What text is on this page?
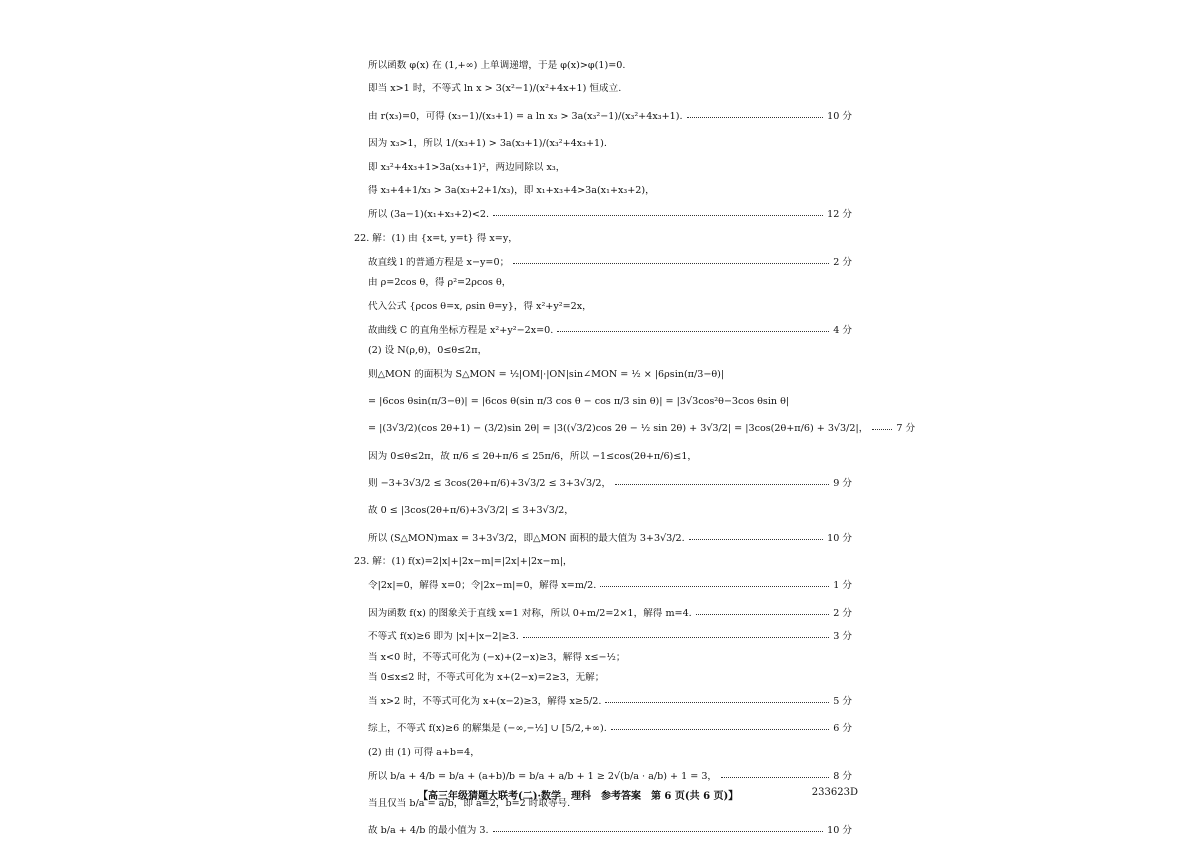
所以函数 φ(x) 在 (1,+∞) 上单调递增，于是 φ(x)>φ(1)=0.
即当 x>1 时，不等式 ln x > 3(x²−1)/(x²+4x+1) 恒成立.
由 r(x₃)=0，可得 (x₃−1)/(x₃+1) = a ln x₃ > 3a(x₃²−1)/(x₃²+4x₃+1).	10 分
因为 x₃>1，所以 1/(x₃+1) > 3a(x₃+1)/(x₃²+4x₃+1).
即 x₃²+4x₃+1>3a(x₃+1)²，两边同除以 x₃，
得 x₃+4+1/x₃ > 3a(x₃+2+1/x₃)，即 x₁+x₃+4>3a(x₁+x₃+2)，
所以 (3a−1)(x₁+x₃+2)<2.	12 分
22. 解：(1) 由 {x=t, y=t} 得 x=y，
故直线 l 的普通方程是 x−y=0；	2 分
由 ρ=2cos θ，得 ρ²=2ρcos θ，
代入公式 {ρcos θ=x, ρsin θ=y}，得 x²+y²=2x，
故曲线 C 的直角坐标方程是 x²+y²−2x=0.	4 分
(2) 设 N(ρ,θ)，0≤θ≤2π，
则△MON 的面积为 S△MON = ½|OM|·|ON|sin∠MON = ½ × |6ρsin(π/3−θ)|
= |6cos θsin(π/3−θ)| = |6cos θ(sin π/3 cos θ − cos π/3 sin θ)| = |3√3cos²θ−3cos θsin θ|
= |(3√3/2)(cos 2θ+1) − (3/2)sin 2θ| = |3((√3/2)cos 2θ − ½ sin 2θ) + 3√3/2| = |3cos(2θ+π/6) + 3√3/2|，	7 分
因为 0≤θ≤2π，故 π/6 ≤ 2θ+π/6 ≤ 25π/6，所以 −1≤cos(2θ+π/6)≤1，
则 −3+3√3/2 ≤ 3cos(2θ+π/6)+3√3/2 ≤ 3+3√3/2，	9 分
故 0 ≤ |3cos(2θ+π/6)+3√3/2| ≤ 3+3√3/2，
所以 (S△MON)max = 3+3√3/2，即△MON 面积的最大值为 3+3√3/2.	10 分
23. 解：(1) f(x)=2|x|+|2x−m|=|2x|+|2x−m|，
令|2x|=0，解得 x=0；令|2x−m|=0，解得 x=m/2.	1 分
因为函数 f(x) 的图象关于直线 x=1 对称，所以 0+m/2=2×1，解得 m=4.	2 分
不等式 f(x)≥6 即为 |x|+|x−2|≥3.	3 分
当 x<0 时，不等式可化为 (−x)+(2−x)≥3，解得 x≤−½；
当 0≤x≤2 时，不等式可化为 x+(2−x)=2≥3，无解；
当 x>2 时，不等式可化为 x+(x−2)≥3，解得 x≥5/2.	5 分
综上，不等式 f(x)≥6 的解集是 (−∞,−½] ∪ [5/2,+∞).	6 分
(2) 由 (1) 可得 a+b=4，
所以 b/a + 4/b = b/a + (a+b)/b = b/a + a/b + 1 ≥ 2√(b/a · a/b) + 1 = 3，	8 分
当且仅当 b/a = a/b，即 a=2，b=2 时取等号.
故 b/a + 4/b 的最小值为 3.	10 分
【高三年级猜题大联考(二)·数学　理科　参考答案　第 6 页(共 6 页)】	233623D
